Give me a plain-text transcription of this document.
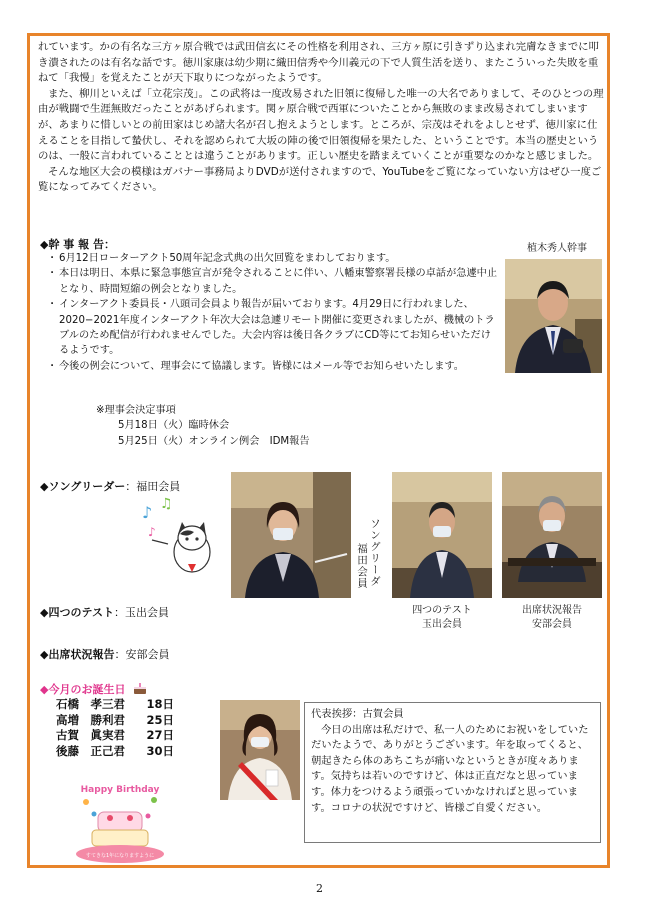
れています。かの有名な三方ヶ原合戦では武田信玄にその性格を利用され、三方ヶ原に引きずり込まれ完膚なきまでに叩き潰されたのは有名な話です。徳川家康は幼少期に織田信秀や今川義元の下で人質生活を送り、またこういった失敗を重ねて「我慢」を覚えたことが天下取りにつながったようです。

また、柳川といえば「立花宗茂」。この武将は一度改易された旧領に復帰した唯一の大名でありまして、そのひとつの理由が戦闘で生涯無敗だったことがあげられます。関ヶ原合戦で西軍についたことから無敗のまま改易されてしまいますが、あまりに惜しいとの前田家はじめ諸大名が召し抱えようとします。ところが、宗茂はそれをよしとせず、徳川家に仕えることを目指して蟄伏し、それを認められて大坂の陣の後で旧領復帰を果たした、ということです。本当の歴史というのは、一般に言われていることとは違うことがあります。正しい歴史を踏まえていくことが重要なのかなと感じました。

そんな地区大会の模様はガバナー事務局よりDVDが送付されますので、YouTubeをご覧になっていない方はぜひ一度ご覧になってみてください。

◆幹 事 報 告：
・ 6月12日ローターアクト50周年記念式典の出欠回覧をまわしております。
・ 本日は明日、本県に緊急事態宣言が発令されることに伴い、八幡東警察署長様の卓話が急遽中止となり、時間短縮の例会となりました。
・ インターアクト委員長・八頭司会員より報告が届いております。4月29日に行われました、2020−2021年度インターアクト年次大会は急遽リモート開催に変更されましたが、機械のトラブルのため配信が行われませんでした。大会内容は後日各クラブにCD等にてお知らせいただけるようです。
・ 今後の例会について、理事会にて協議します。皆様にはメール等でお知らせいたします。
※理事会決定事項
5月18日（火）臨時休会
5月25日（火）オンライン例会　IDM報告
植木秀人幹事
◆ソングリーダー：福田会員
♪ ♫
♪	ソングリーダ
福田会員
四つのテスト
玉出会員
出席状況報告
安部会員
◆四つのテスト：玉出会員
◆出席状況報告：安部会員
◆今月のお誕生日
石橋　孝三君	18日
高増　勝利君	25日
古賀　眞実君	27日
後藤　正己君	30日
Happy Birthday
すてきな1年になりますように

代表挨拶：古賀会員

今日の出席は私だけで、私一人のためにお祝いをしていただいたようで、ありがとうございます。年を取ってくると、朝起きたら体のあちこちが痛いなというときが度々あります。気持ちは若いのですけど、体は正直だなと思っています。体力をつけるよう頑張っていかなければと思っています。コロナの状況ですけど、皆様ご自愛ください。

2
